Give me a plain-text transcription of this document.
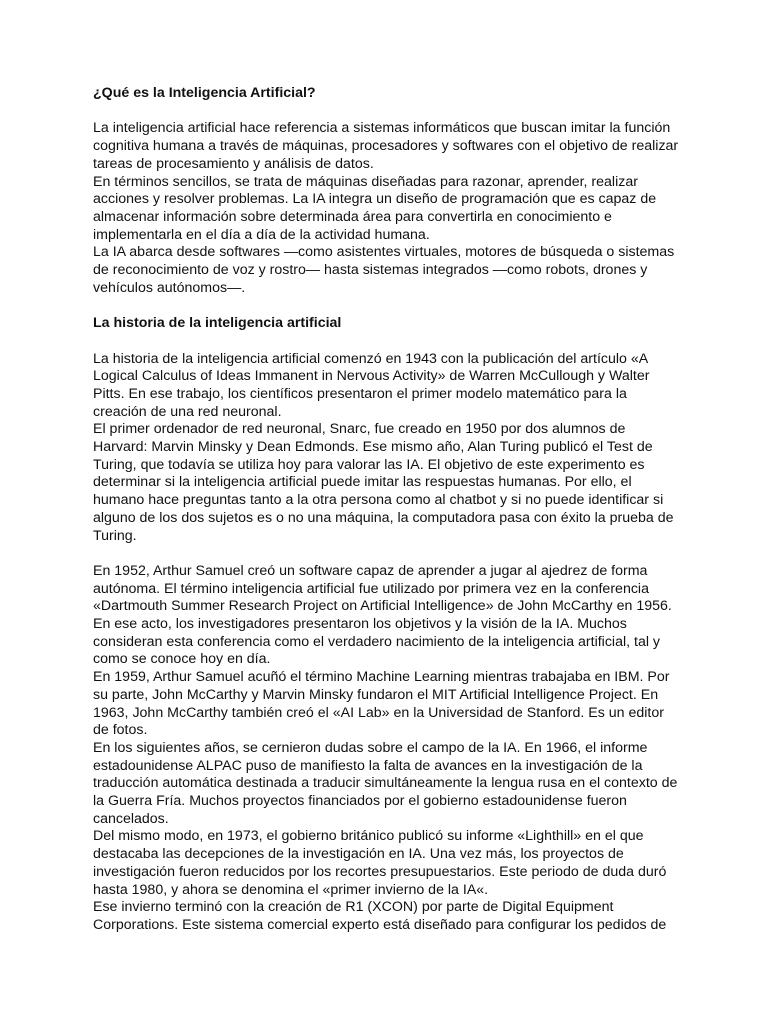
¿Qué es la Inteligencia Artificial?

La inteligencia artificial hace referencia a sistemas informáticos que buscan imitar la función cognitiva humana a través de máquinas, procesadores y softwares con el objetivo de realizar tareas de procesamiento y análisis de datos.

En términos sencillos, se trata de máquinas diseñadas para razonar, aprender, realizar acciones y resolver problemas. La IA integra un diseño de programación que es capaz de almacenar información sobre determinada área para convertirla en conocimiento e implementarla en el día a día de la actividad humana.

La IA abarca desde softwares —como asistentes virtuales, motores de búsqueda o sistemas de reconocimiento de voz y rostro— hasta sistemas integrados —como robots, drones y vehículos autónomos—.

La historia de la inteligencia artificial

La historia de la inteligencia artificial comenzó en 1943 con la publicación del artículo «A Logical Calculus of Ideas Immanent in Nervous Activity» de Warren McCullough y Walter Pitts. En ese trabajo, los científicos presentaron el primer modelo matemático para la creación de una red neuronal.

El primer ordenador de red neuronal, Snarc, fue creado en 1950 por dos alumnos de Harvard: Marvin Minsky y Dean Edmonds. Ese mismo año, Alan Turing publicó el Test de Turing, que todavía se utiliza hoy para valorar las IA. El objetivo de este experimento es determinar si la inteligencia artificial puede imitar las respuestas humanas. Por ello, el humano hace preguntas tanto a la otra persona como al chatbot y si no puede identificar si alguno de los dos sujetos es o no una máquina, la computadora pasa con éxito la prueba de Turing.

En 1952, Arthur Samuel creó un software capaz de aprender a jugar al ajedrez de forma autónoma. El término inteligencia artificial fue utilizado por primera vez en la conferencia «Dartmouth Summer Research Project on Artificial Intelligence» de John McCarthy en 1956. En ese acto, los investigadores presentaron los objetivos y la visión de la IA. Muchos consideran esta conferencia como el verdadero nacimiento de la inteligencia artificial, tal y como se conoce hoy en día.

En 1959, Arthur Samuel acuñó el término Machine Learning mientras trabajaba en IBM. Por su parte, John McCarthy y Marvin Minsky fundaron el MIT Artificial Intelligence Project. En 1963, John McCarthy también creó el «AI Lab» en la Universidad de Stanford. Es un editor de fotos.

En los siguientes años, se cernieron dudas sobre el campo de la IA. En 1966, el informe estadounidense ALPAC puso de manifiesto la falta de avances en la investigación de la traducción automática destinada a traducir simultáneamente la lengua rusa en el contexto de la Guerra Fría. Muchos proyectos financiados por el gobierno estadounidense fueron cancelados.

Del mismo modo, en 1973, el gobierno británico publicó su informe «Lighthill» en el que destacaba las decepciones de la investigación en IA. Una vez más, los proyectos de investigación fueron reducidos por los recortes presupuestarios. Este periodo de duda duró hasta 1980, y ahora se denomina el «primer invierno de la IA«.

Ese invierno terminó con la creación de R1 (XCON) por parte de Digital Equipment Corporations. Este sistema comercial experto está diseñado para configurar los pedidos de
